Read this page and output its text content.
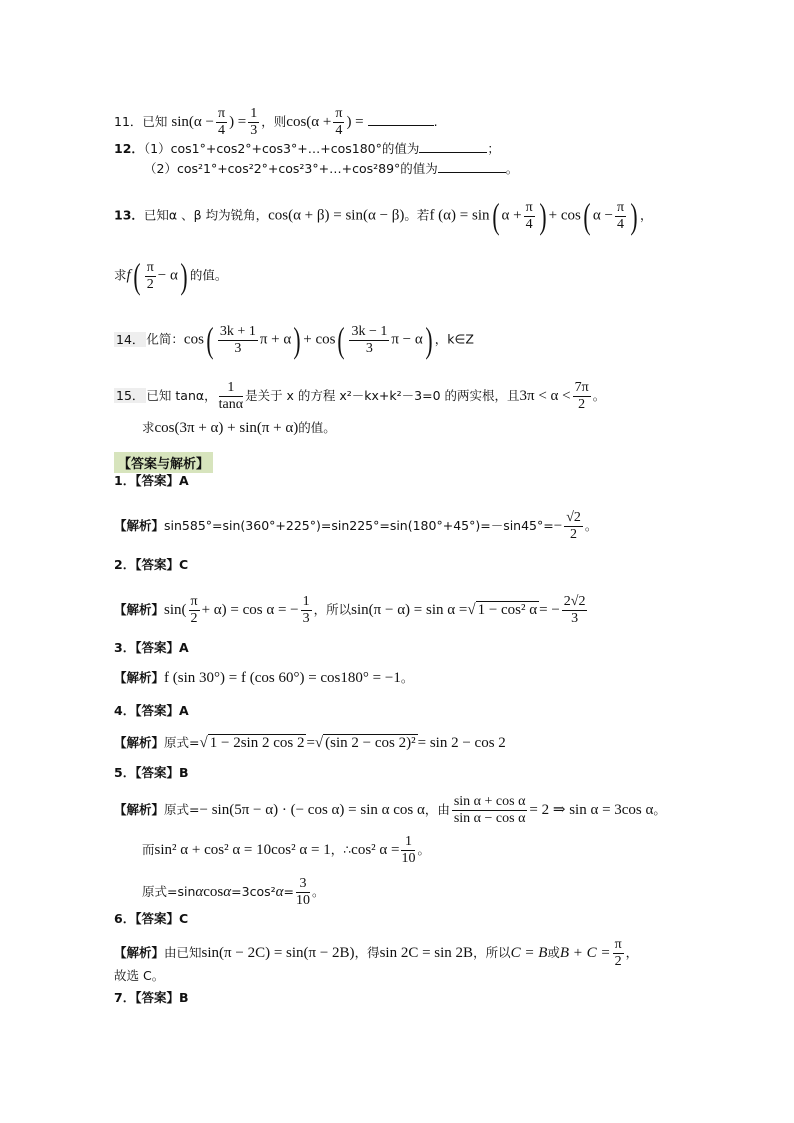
11．已知 $\sin(\alpha - \frac{\pi}{4}$ ) = $\frac{1}{3}$ ，则$\cos(\alpha + \frac{\pi}{4}$ ) =	.
12．（1）cos1°+cos2°+cos3°+…+cos180°的值为	；
（2）cos²1°+cos²2°+cos²3°+…+cos²89°的值为	。
13．已知α 、β 均为锐角，cos(α + β) = sin(α − β)。若f (α) = sin( $\alpha + \frac{\pi}{4}$ ) + cos( $\alpha - \frac{\pi}{4}$ ) ，
求$f( \frac{\pi}{2} - \alpha)$ 的值。
14． 化简：$\cos( \frac{3k + 1}{3}$ $\pi + \alpha) + \cos( \frac{3k - 1}{3}$ π − α) ，k∈Z
15． 已知 tanα， $\frac{1}{\tan\alpha}$ 是关于 x 的方程 x²－kx+k²－3=0 的两实根，且$3\pi < \alpha < \frac{7\pi}{2}$ 。
求cos(3π + α) + sin(π + α)的值。
【答案与解析】
1．【答案】A
【解析】$\sin 585^\circ=\sin(360^\circ+225^\circ)=\sin 225^\circ=\sin(180^\circ+45^\circ)=-\sin 45^\circ=- \frac{√2}{2}$ 。
2．【答案】C
【解析】$\sin( \frac{\pi}{2} + \alpha) = \cos \alpha$ = − $\frac{1}{3}$ ，所以sin(π − α) = sin α =√ 1 − cos² α = − $\frac{2√2}{3}$
3．【答案】A
【解析】f (sin 30°) = f (cos 60°) = cos180° = −1。
4．【答案】A
【解析】原式=√ 1 − 2sin 2 cos 2 =√ (sin 2 − cos 2)² = sin 2 − cos 2
5．【答案】B
【解析】原式=− sin(5π − α) · (− cos α) = sin α cos α，由 $\frac{\text{sin α + cos α}}{\text{sin α − cos α}} = 2$ ⇒ sin α = 3cos α。
而sin² α + cos² α = 10cos² α = 1，∴cos² $\alpha = \frac{1}{10}$ 。
原式$=\sin\alpha\cos\alpha=3\cos^2\alpha= \frac{3}{10}$ 。
6．【答案】C
【解析】由已知sin(π − 2C) = sin(π − 2B)，得sin 2C = sin 2B，所以C = B或$B + C = \frac{\pi}{2}$ ，
故选 C。
7．【答案】B
